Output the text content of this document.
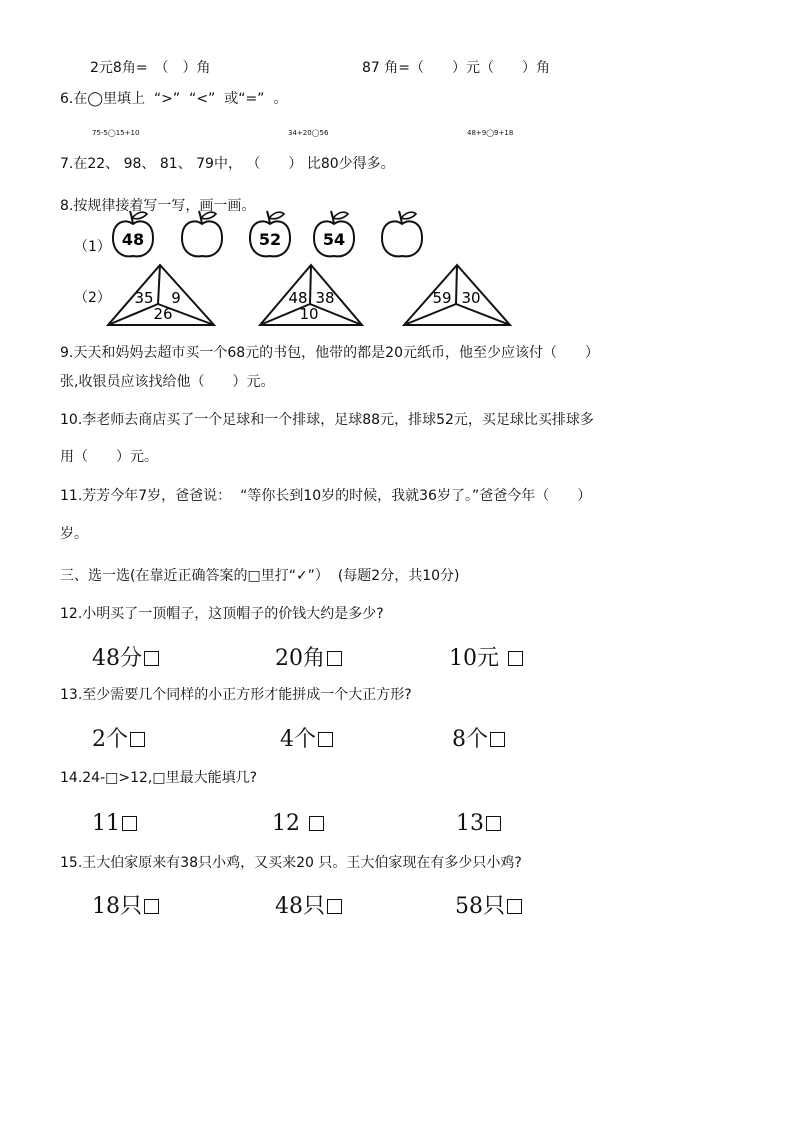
2元8角=　（　）角	87 角=（　　）元（　　）角
6.在◯里填上  “>”  “<”  或“=”  。
75-5◯15+10	34+20◯56	48+9◯9+18
7.在22、 98、 81、 79中， （　　） 比80少得多。
8.按规律接着写一写，画一画。
（1） 48	52	54
35 9
26
48 38
10
59 30
（2）
9.天天和妈妈去超市买一个68元的书包，他带的都是20元纸币，他至少应该付（　　）
张,收银员应该找给他（　　）元。
10.李老师去商店买了一个足球和一个排球，足球88元，排球52元，买足球比买排球多
用（　　）元。
11.芳芳今年7岁，爸爸说：  “等你长到10岁的时候，我就36岁了。”爸爸今年（　　）
岁。
三、选一选(在靠近正确答案的□里打“✓”）  (每题2分，共10分)
12.小明买了一顶帽子，这顶帽子的价钱大约是多少?
48分	20角	10元
13.至少需要几个同样的小正方形才能拼成一个大正方形?
2个	4个	8个
14.24-□>12,□里最大能填几?
11	12	13
15.王大伯家原来有38只小鸡，又买来20 只。王大伯家现在有多少只小鸡?
18只	48只	58只
